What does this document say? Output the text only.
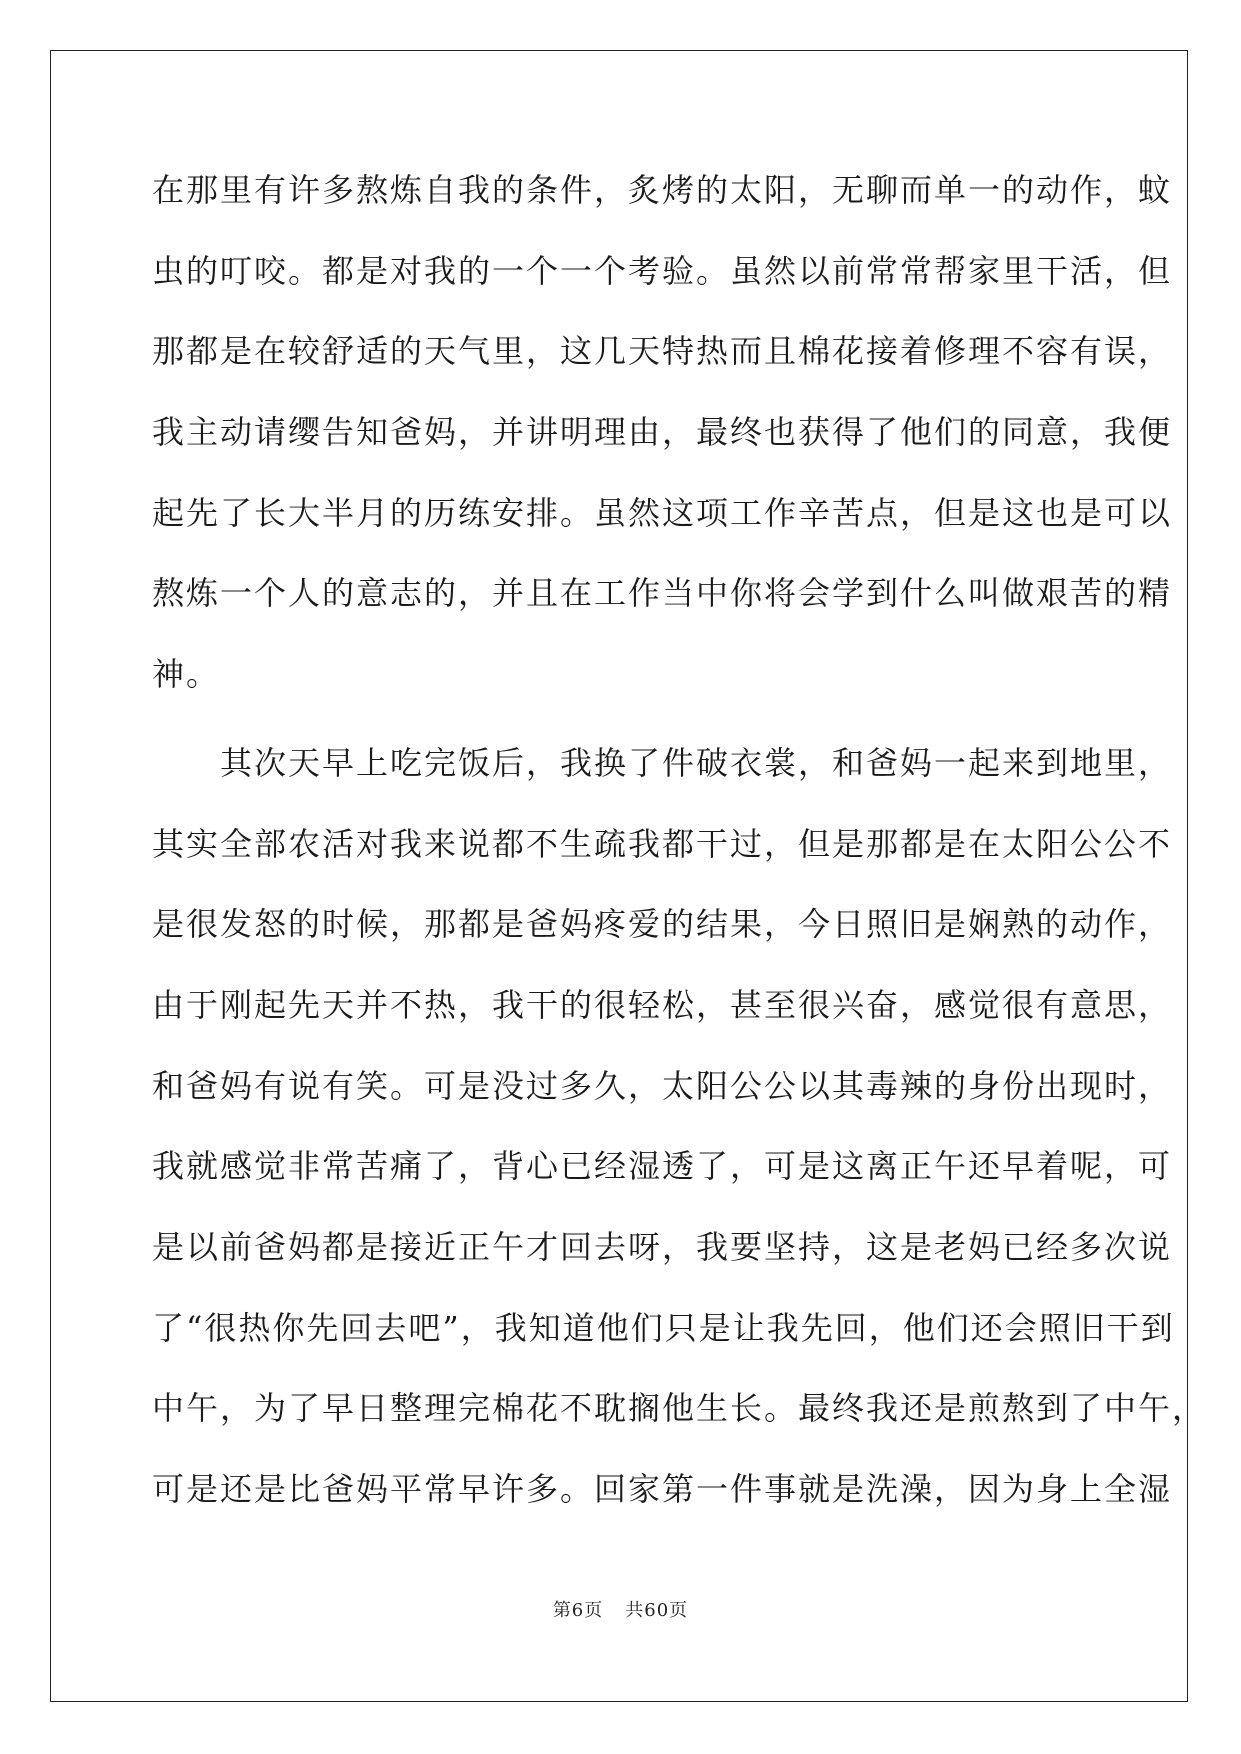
在那里有许多熬炼自我的条件，炙烤的太阳，无聊而单一的动作，蚊
虫的叮咬。都是对我的一个一个考验。虽然以前常常帮家里干活，但
那都是在较舒适的天气里，这几天特热而且棉花接着修理不容有误，
我主动请缨告知爸妈，并讲明理由，最终也获得了他们的同意，我便
起先了长大半月的历练安排。虽然这项工作辛苦点，但是这也是可以
熬炼一个人的意志的，并且在工作当中你将会学到什么叫做艰苦的精
神。
　　其次天早上吃完饭后，我换了件破衣裳，和爸妈一起来到地里，
其实全部农活对我来说都不生疏我都干过，但是那都是在太阳公公不
是很发怒的时候，那都是爸妈疼爱的结果，今日照旧是娴熟的动作，
由于刚起先天并不热，我干的很轻松，甚至很兴奋，感觉很有意思，
和爸妈有说有笑。可是没过多久，太阳公公以其毒辣的身份出现时，
我就感觉非常苦痛了，背心已经湿透了，可是这离正午还早着呢，可
是以前爸妈都是接近正午才回去呀，我要坚持，这是老妈已经多次说
了“很热你先回去吧”，我知道他们只是让我先回，他们还会照旧干到
中午，为了早日整理完棉花不耽搁他生长。最终我还是煎熬到了中午，
可是还是比爸妈平常早许多。回家第一件事就是洗澡，因为身上全湿
第6页 共60页
